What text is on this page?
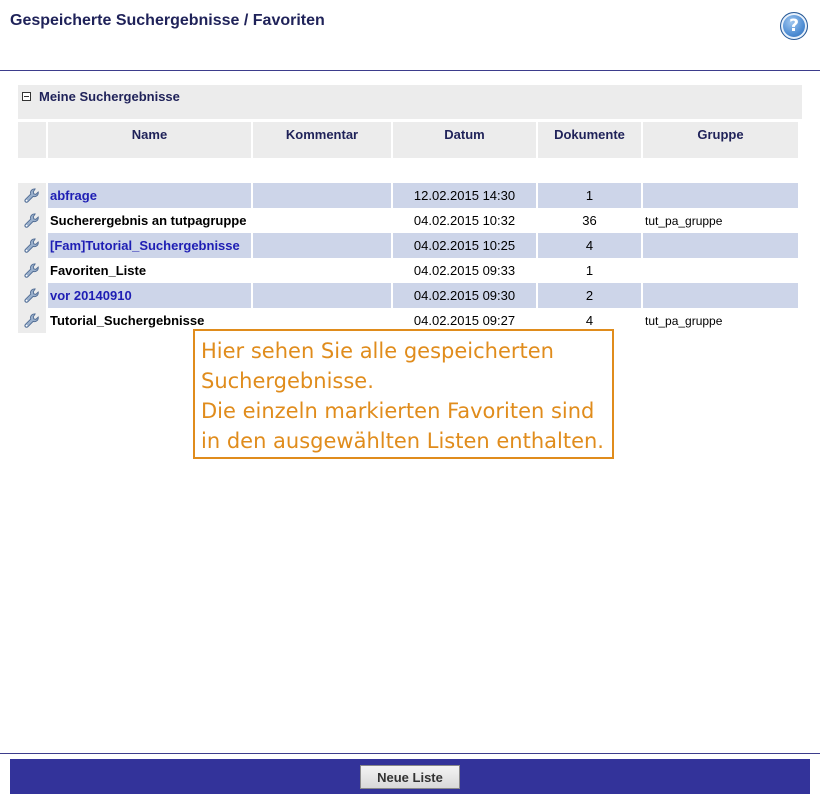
Gespeicherte Suchergebnisse / Favoriten	?
Meine Suchergebnisse
	Name	Kommentar	Datum	Dokumente	Gruppe

	abfrage		12.02.2015 14:30	1	
	Sucherergebnis an tutpagruppe		04.02.2015 10:32	36	tut_pa_gruppe
	[Fam]Tutorial_Suchergebnisse		04.02.2015 10:25	4	
	Favoriten_Liste		04.02.2015 09:33	1	
	vor 20140910		04.02.2015 09:30	2	
	Tutorial_Suchergebnisse		04.02.2015 09:27	4	tut_pa_gruppe
Hier sehen Sie alle gespeicherten
Suchergebnisse.
Die einzeln markierten Favoriten sind
in den ausgewählten Listen enthalten.
Neue Liste
